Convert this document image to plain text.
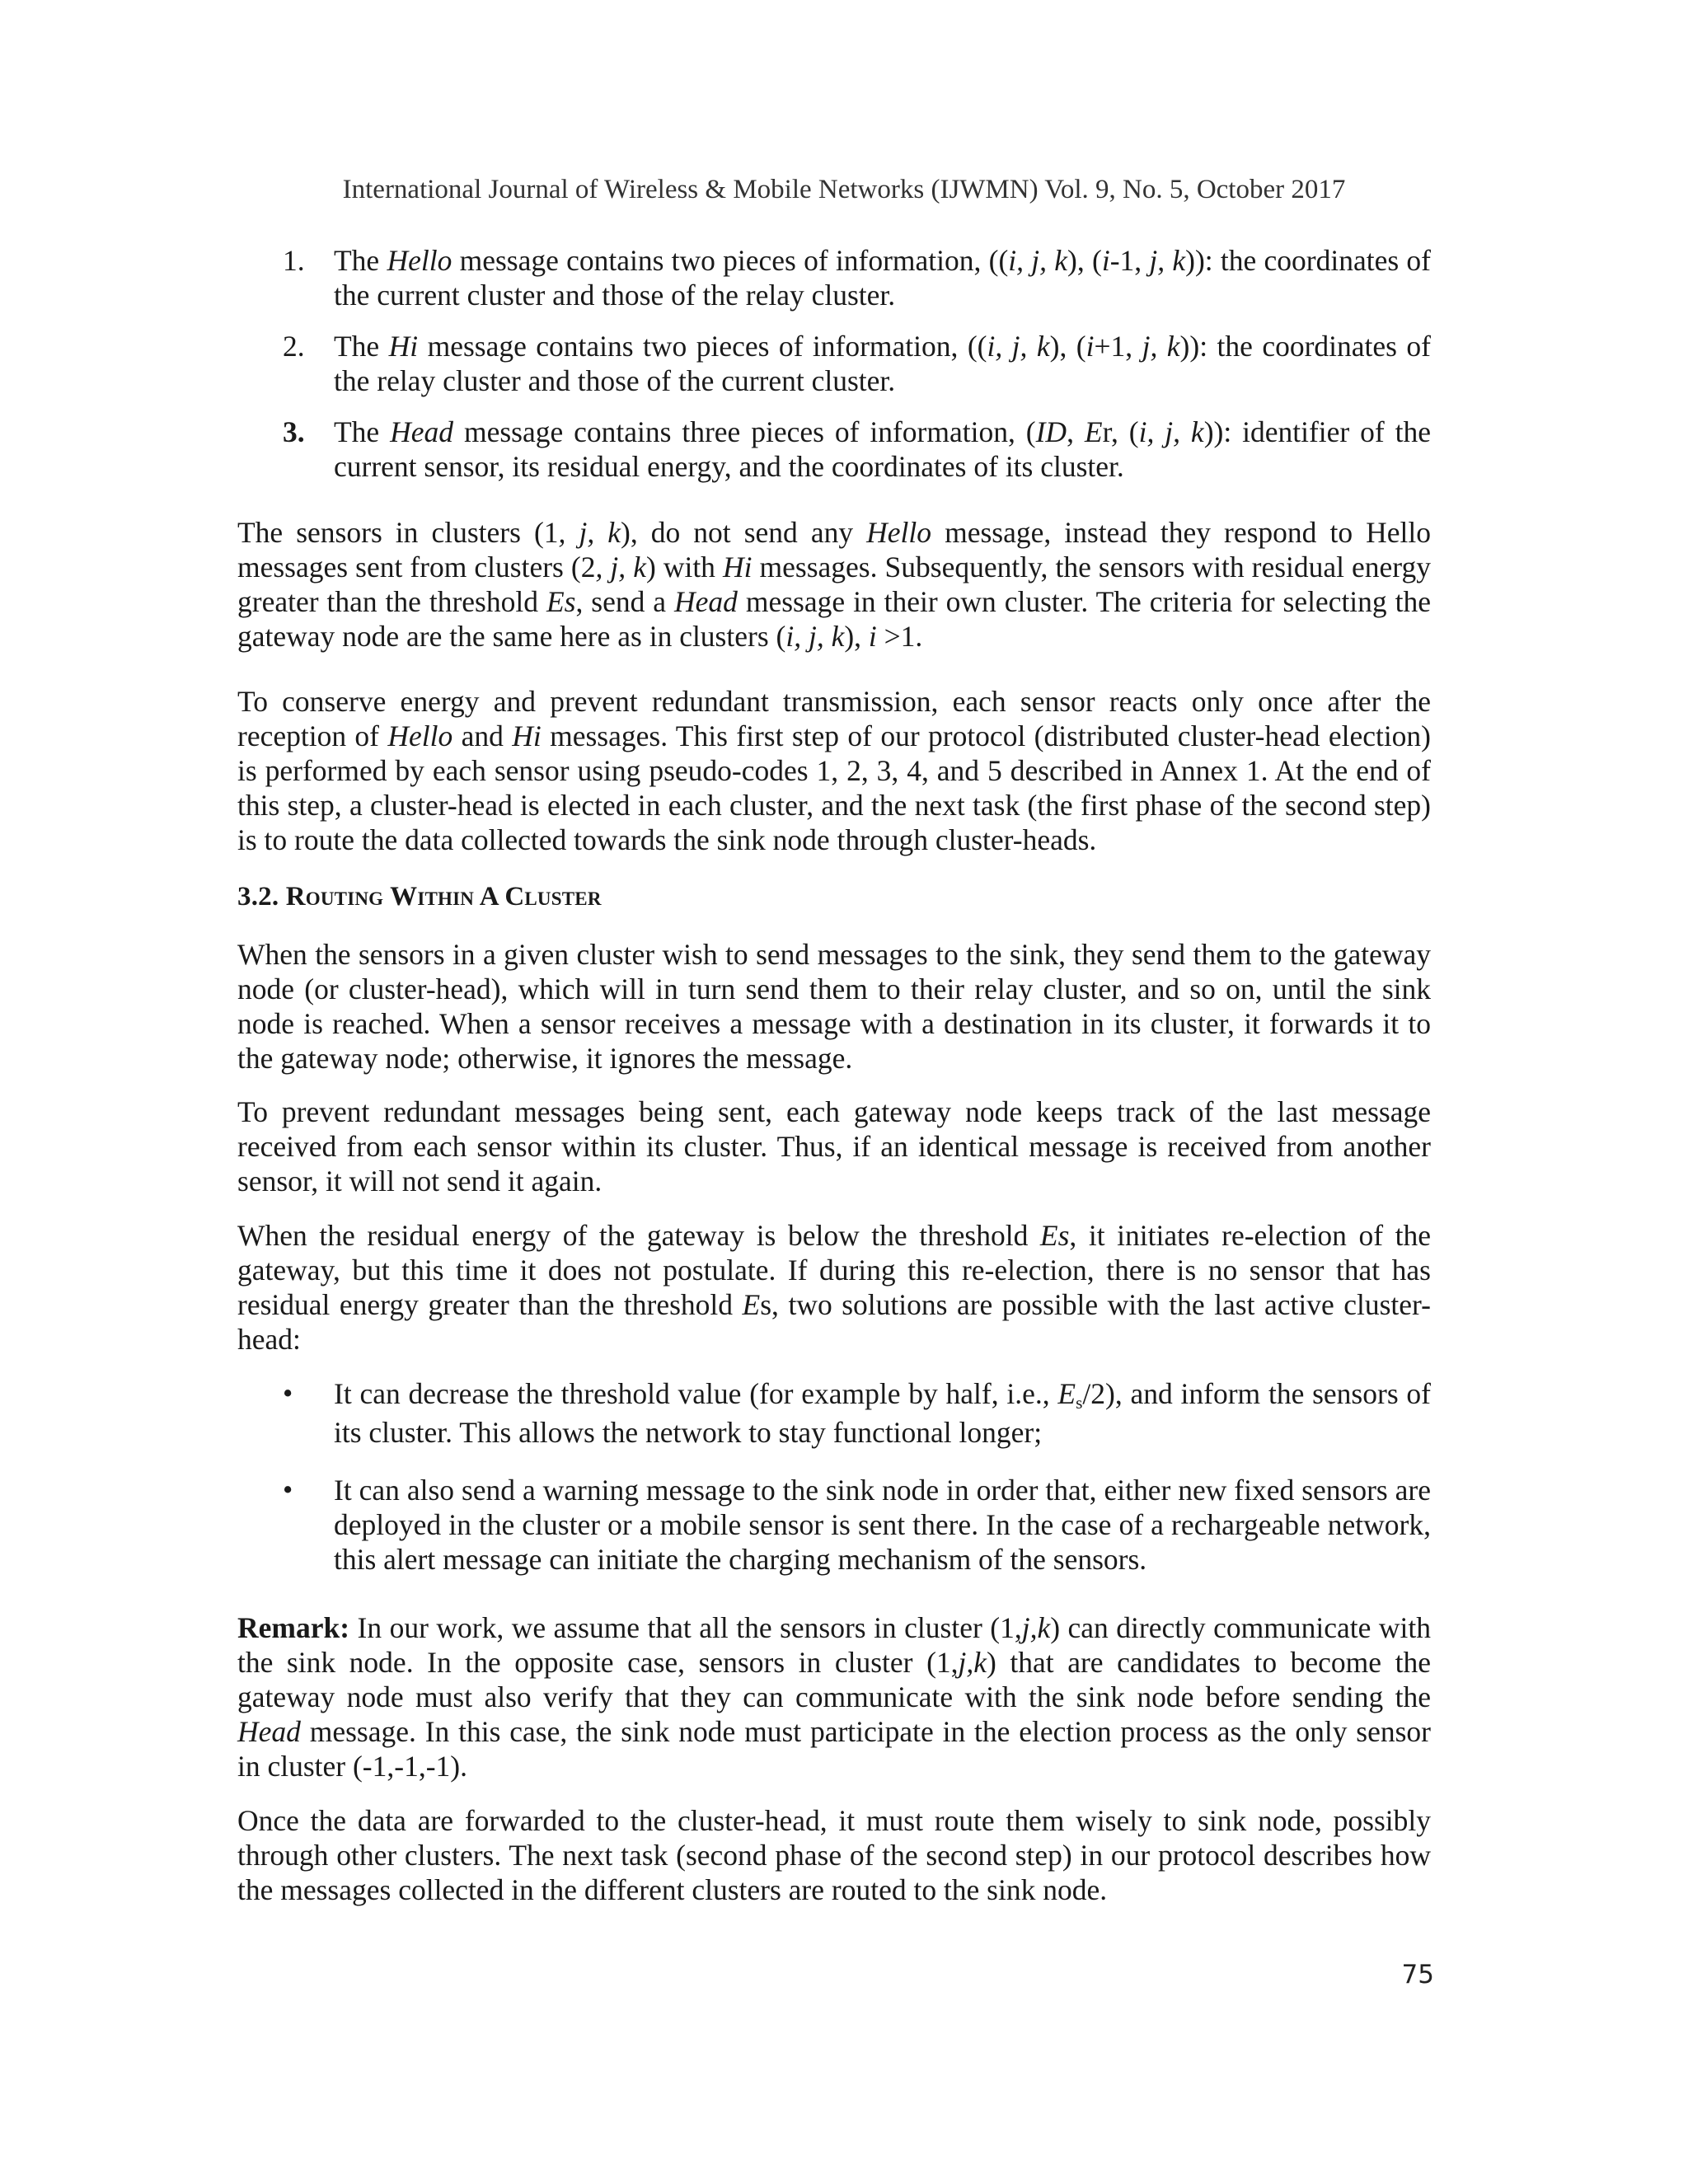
International Journal of Wireless & Mobile Networks (IJWMN) Vol. 9, No. 5, October 2017
1. The Hello message contains two pieces of information, ((i, j, k), (i-1, j, k)): the coordinates of the current cluster and those of the relay cluster.
2. The Hi message contains two pieces of information, ((i, j, k), (i+1, j, k)): the coordinates of the relay cluster and those of the current cluster.
3. The Head message contains three pieces of information, (ID, Er, (i, j, k)): identifier of the current sensor, its residual energy, and the coordinates of its cluster.

The sensors in clusters (1, j, k), do not send any Hello message, instead they respond to Hello messages sent from clusters (2, j, k) with Hi messages. Subsequently, the sensors with residual energy greater than the threshold Es, send a Head message in their own cluster. The criteria for selecting the gateway node are the same here as in clusters (i, j, k), i >1.

To conserve energy and prevent redundant transmission, each sensor reacts only once after the reception of Hello and Hi messages. This first step of our protocol (distributed cluster-head election) is performed by each sensor using pseudo-codes 1, 2, 3, 4, and 5 described in Annex 1. At the end of this step, a cluster-head is elected in each cluster, and the next task (the first phase of the second step) is to route the data collected towards the sink node through cluster-heads.

3.2. Routing Within A Cluster

When the sensors in a given cluster wish to send messages to the sink, they send them to the gateway node (or cluster-head), which will in turn send them to their relay cluster, and so on, until the sink node is reached. When a sensor receives a message with a destination in its cluster, it forwards it to the gateway node; otherwise, it ignores the message.

To prevent redundant messages being sent, each gateway node keeps track of the last message received from each sensor within its cluster. Thus, if an identical message is received from another sensor, it will not send it again.

When the residual energy of the gateway is below the threshold Es, it initiates re-election of the gateway, but this time it does not postulate. If during this re-election, there is no sensor that has residual energy greater than the threshold Es, two solutions are possible with the last active cluster-head:

• It can decrease the threshold value (for example by half, i.e., $E_s/2$), and inform the sensors of its cluster. This allows the network to stay functional longer;
• It can also send a warning message to the sink node in order that, either new fixed sensors are deployed in the cluster or a mobile sensor is sent there. In the case of a rechargeable network, this alert message can initiate the charging mechanism of the sensors.

Remark: In our work, we assume that all the sensors in cluster (1,j,k) can directly communicate with the sink node. In the opposite case, sensors in cluster (1,j,k) that are candidates to become the gateway node must also verify that they can communicate with the sink node before sending the Head message. In this case, the sink node must participate in the election process as the only sensor in cluster (-1,-1,-1).

Once the data are forwarded to the cluster-head, it must route them wisely to sink node, possibly through other clusters. The next task (second phase of the second step) in our protocol describes how the messages collected in the different clusters are routed to the sink node.

75
